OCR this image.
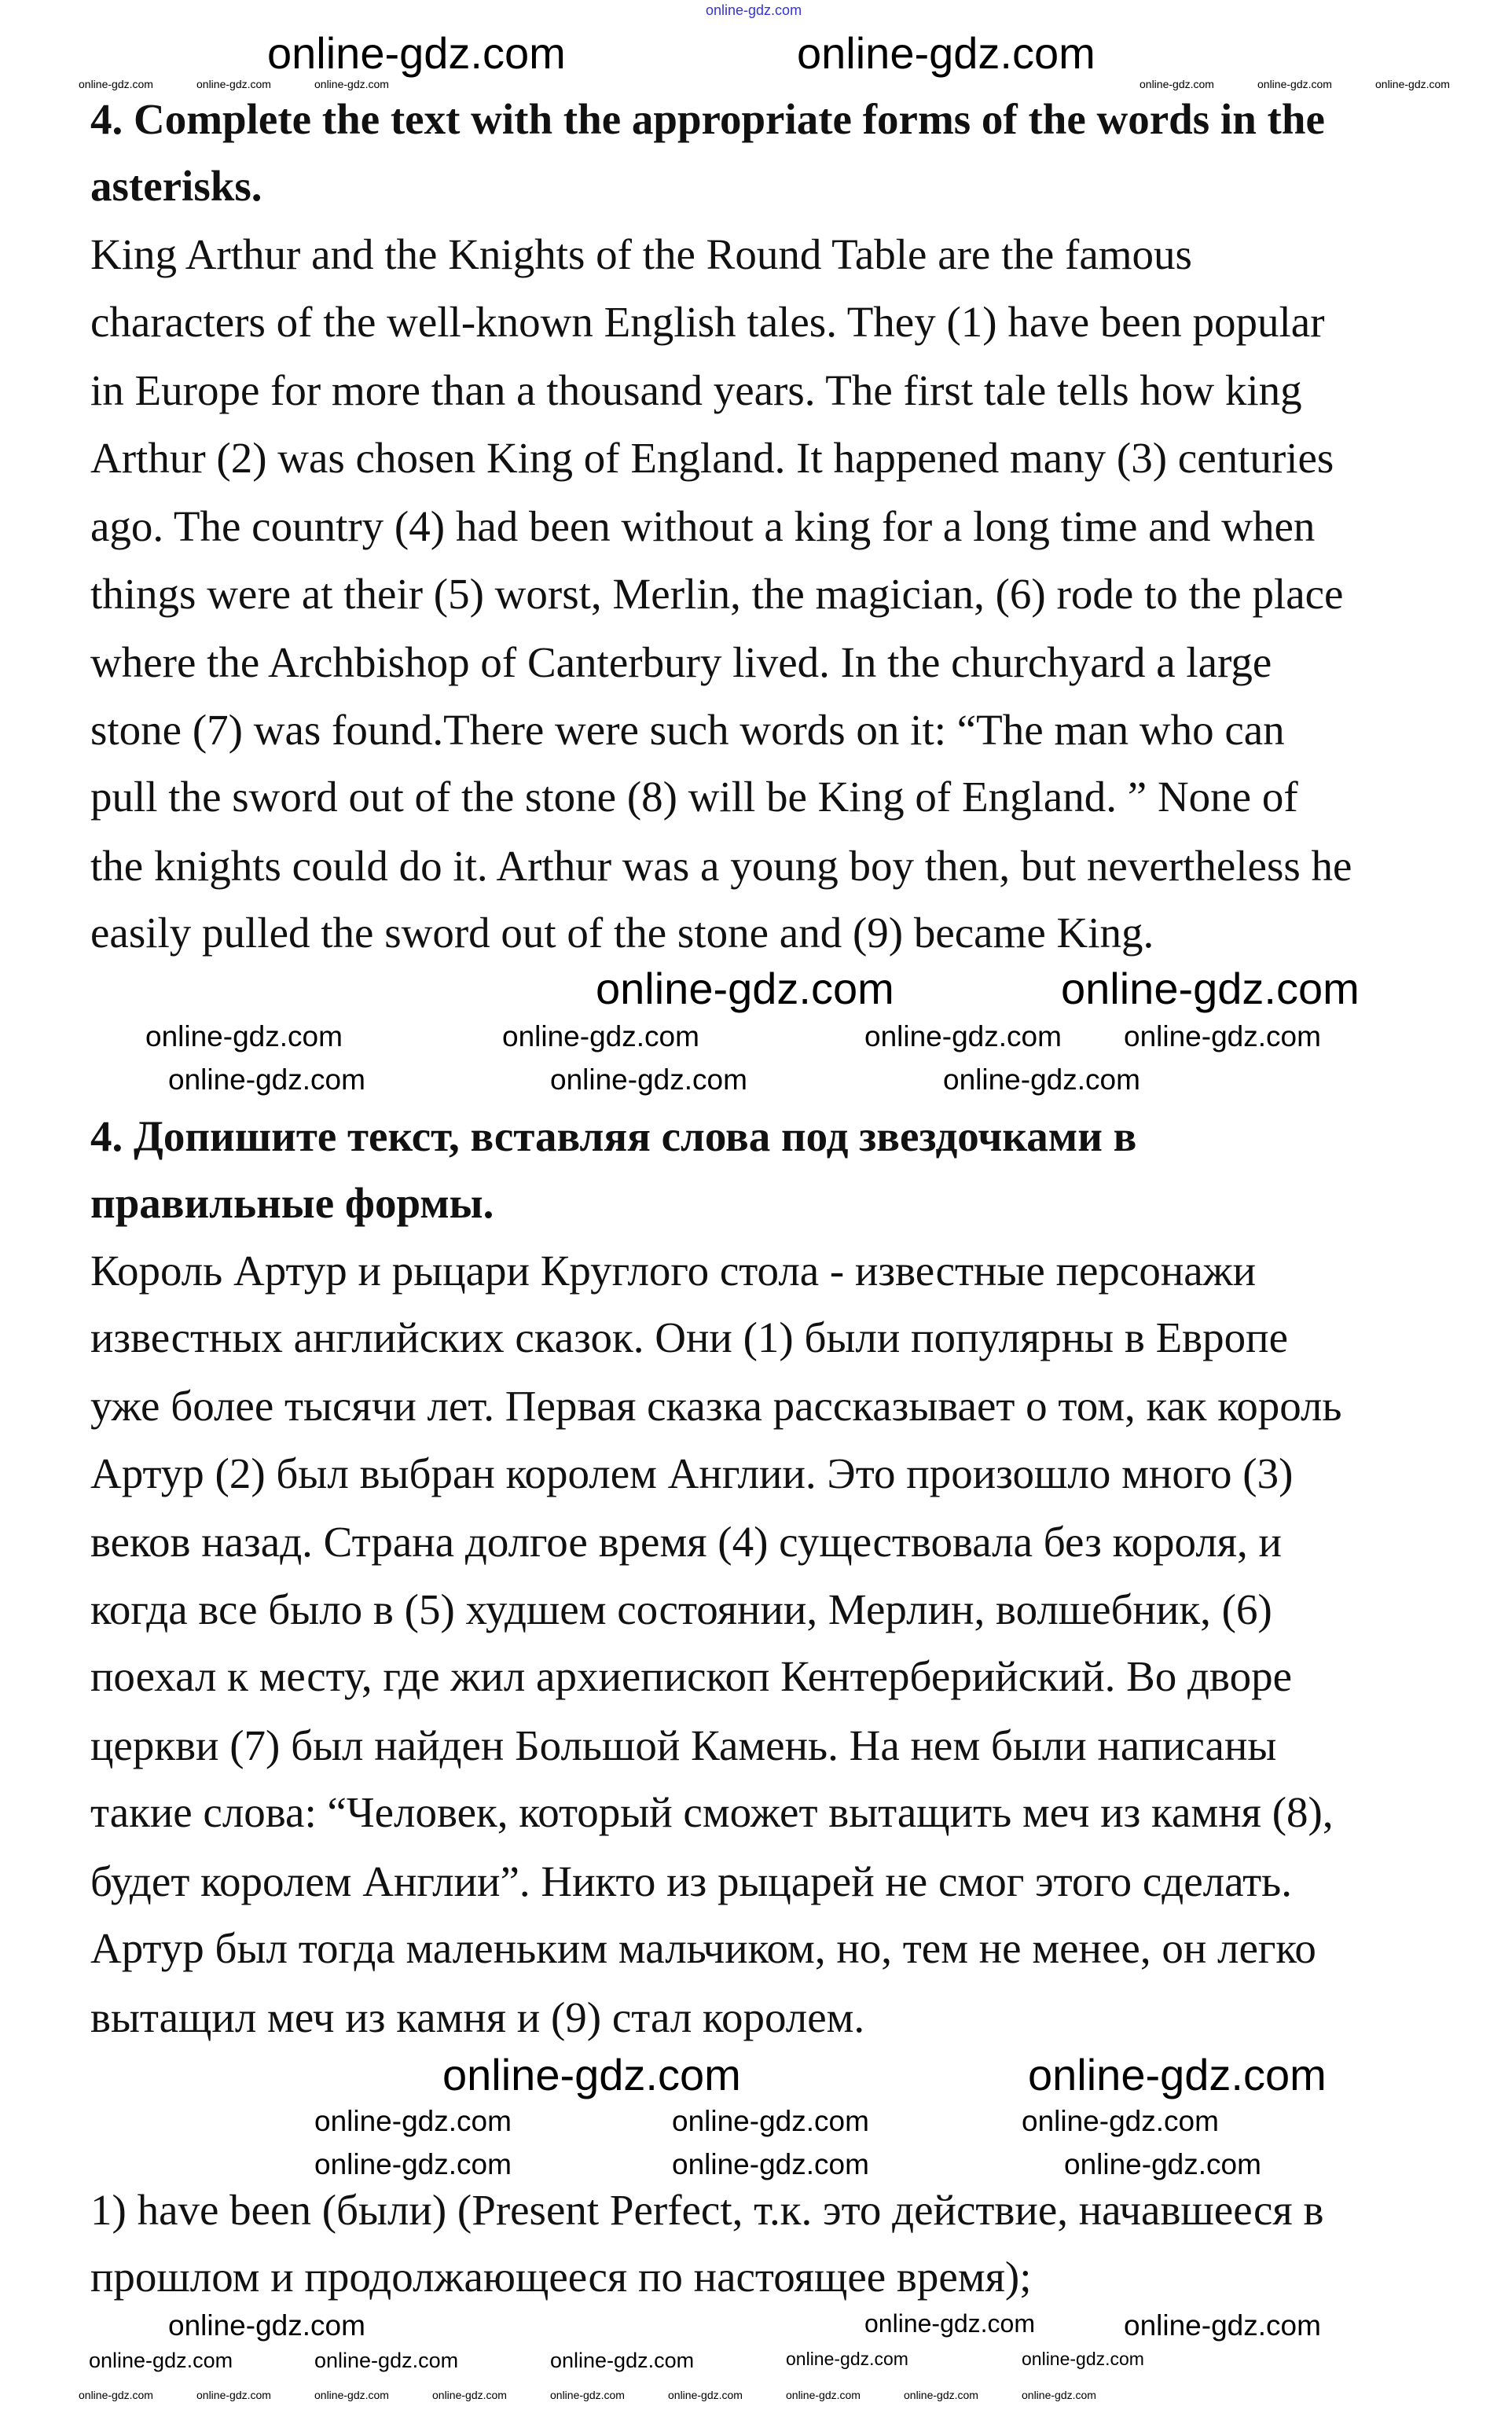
4. Complete the text with the appropriate forms of the words in the
asterisks.
King Arthur and the Knights of the Round Table are the famous
characters of the well-known English tales. They (1) have been popular
in Europe for more than a thousand years. The first tale tells how king
Arthur (2) was chosen King of England. It happened many (3) centuries
ago. The country (4) had been without a king for a long time and when
things were at their (5) worst, Merlin, the magician, (6) rode to the place
where the Archbishop of Canterbury lived. In the churchyard a large
stone (7) was found.There were such words on it: “The man who can
pull the sword out of the stone (8) will be King of England. ” None of
the knights could do it. Arthur was a young boy then, but nevertheless he
easily pulled the sword out of the stone and (9) became King.
4. Допишите текст, вставляя слова под звездочками в
правильные формы.
Король Артур и рыцари Круглого стола - известные персонажи
известных английских сказок. Они (1) были популярны в Европе
уже более тысячи лет. Первая сказка рассказывает о том, как король
Артур (2) был выбран королем Англии. Это произошло много (3)
веков назад. Страна долгое время (4) существовала без короля, и
когда все было в (5) худшем состоянии, Мерлин, волшебник, (6)
поехал к месту, где жил архиепископ Кентерберийский. Во дворе
церкви (7) был найден Большой Камень. На нем были написаны
такие слова: “Человек, который сможет вытащить меч из камня (8),
будет королем Англии”. Никто из рыцарей не смог этого сделать.
Артур был тогда маленьким мальчиком, но, тем не менее, он легко
вытащил меч из камня и (9) стал королем.
1) have been (были) (Present Perfect, т.к. это действие, начавшееся в
прошлом и продолжающееся по настоящее время);
online-gdz.com
online-gdz.com	online-gdz.com
online-gdz.com	online-gdz.com
online-gdz.com	online-gdz.com
online-gdz.com	online-gdz.com	online-gdz.com online-gdz.com
online-gdz.com	online-gdz.com	online-gdz.com
online-gdz.com	online-gdz.com	online-gdz.com
online-gdz.com	online-gdz.com	online-gdz.com
online-gdz.com	online-gdz.com
online-gdz.com
online-gdz.com	online-gdz.com	online-gdz.com	online-gdz.com	online-gdz.com
online-gdz.com	online-gdz.com	online-gdz.com	online-gdz.com	online-gdz.com	online-gdz.com
online-gdz.com	online-gdz.com	online-gdz.com	online-gdz.com	online-gdz.com	online-gdz.com	online-gdz.com	online-gdz.com	online-gdz.com
